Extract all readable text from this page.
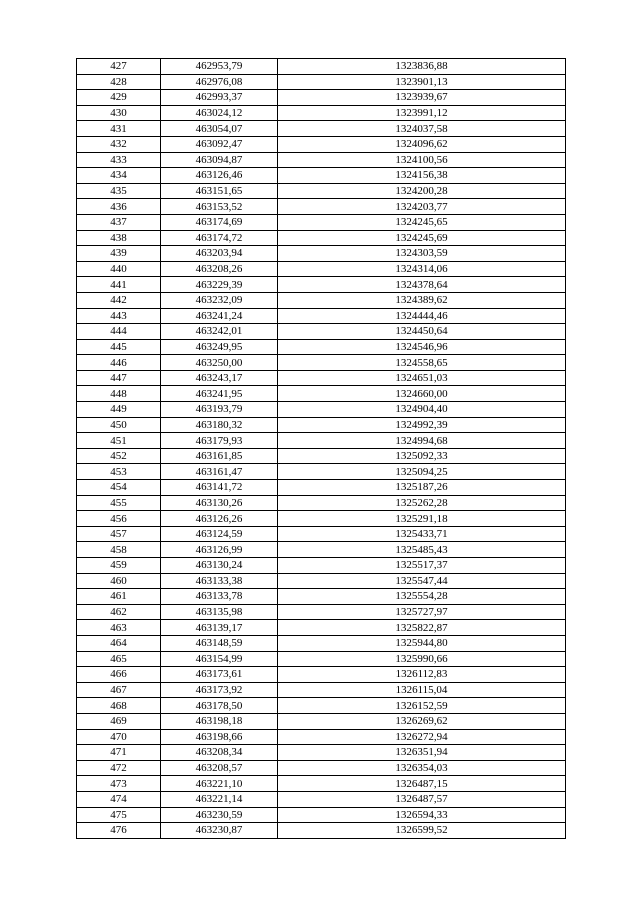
427	462953,79	1323836,88
428	462976,08	1323901,13
429	462993,37	1323939,67
430	463024,12	1323991,12
431	463054,07	1324037,58
432	463092,47	1324096,62
433	463094,87	1324100,56
434	463126,46	1324156,38
435	463151,65	1324200,28
436	463153,52	1324203,77
437	463174,69	1324245,65
438	463174,72	1324245,69
439	463203,94	1324303,59
440	463208,26	1324314,06
441	463229,39	1324378,64
442	463232,09	1324389,62
443	463241,24	1324444,46
444	463242,01	1324450,64
445	463249,95	1324546,96
446	463250,00	1324558,65
447	463243,17	1324651,03
448	463241,95	1324660,00
449	463193,79	1324904,40
450	463180,32	1324992,39
451	463179,93	1324994,68
452	463161,85	1325092,33
453	463161,47	1325094,25
454	463141,72	1325187,26
455	463130,26	1325262,28
456	463126,26	1325291,18
457	463124,59	1325433,71
458	463126,99	1325485,43
459	463130,24	1325517,37
460	463133,38	1325547,44
461	463133,78	1325554,28
462	463135,98	1325727,97
463	463139,17	1325822,87
464	463148,59	1325944,80
465	463154,99	1325990,66
466	463173,61	1326112,83
467	463173,92	1326115,04
468	463178,50	1326152,59
469	463198,18	1326269,62
470	463198,66	1326272,94
471	463208,34	1326351,94
472	463208,57	1326354,03
473	463221,10	1326487,15
474	463221,14	1326487,57
475	463230,59	1326594,33
476	463230,87	1326599,52
